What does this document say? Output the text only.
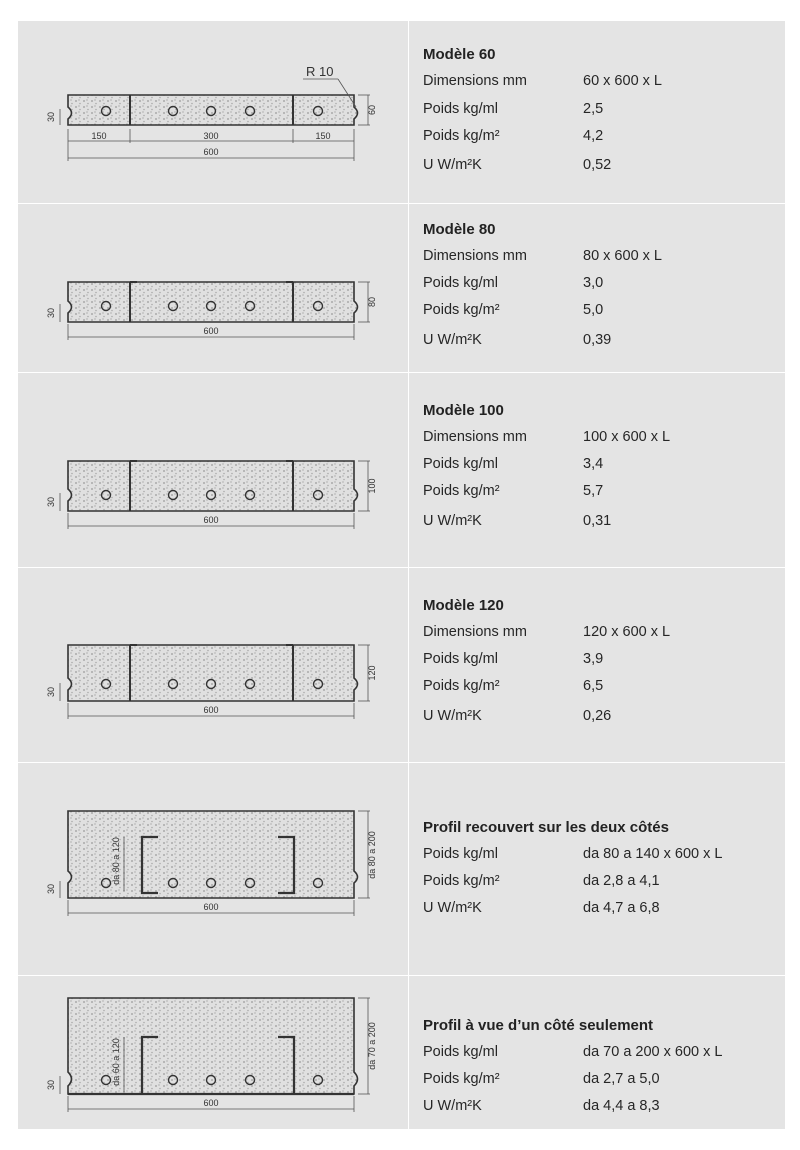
R 10
150	300	150
600
60
30
Modèle 60
Dimensions mm	60 x 600 x L
Poids kg/ml	2,5
Poids kg/m²	4,2
U W/m²K	0,52
600
80
30
Modèle 80
Dimensions mm	80 x 600 x L
Poids kg/ml	3,0
Poids kg/m²	5,0
U W/m²K	0,39
600
100
30
Modèle 100
Dimensions mm	100 x 600 x L
Poids kg/ml	3,4
Poids kg/m²	5,7
U W/m²K	0,31
600
120
30
Modèle 120
Dimensions mm	120 x 600 x L
Poids kg/ml	3,9
Poids kg/m²	6,5
U W/m²K	0,26
600
da 80 a 200
da 80 a 120
30
Profil recouvert sur les deux côtés
Poids kg/ml	da 80 a 140 x 600 x L
Poids kg/m²	da 2,8 a 4,1
U W/m²K	da 4,7 a 6,8
600
da 70 a 200
da 60 a 120
30
Profil à vue d’un côté seulement
Poids kg/ml	da 70 a 200 x 600 x L
Poids kg/m²	da 2,7 a 5,0
U W/m²K	da 4,4 a 8,3
